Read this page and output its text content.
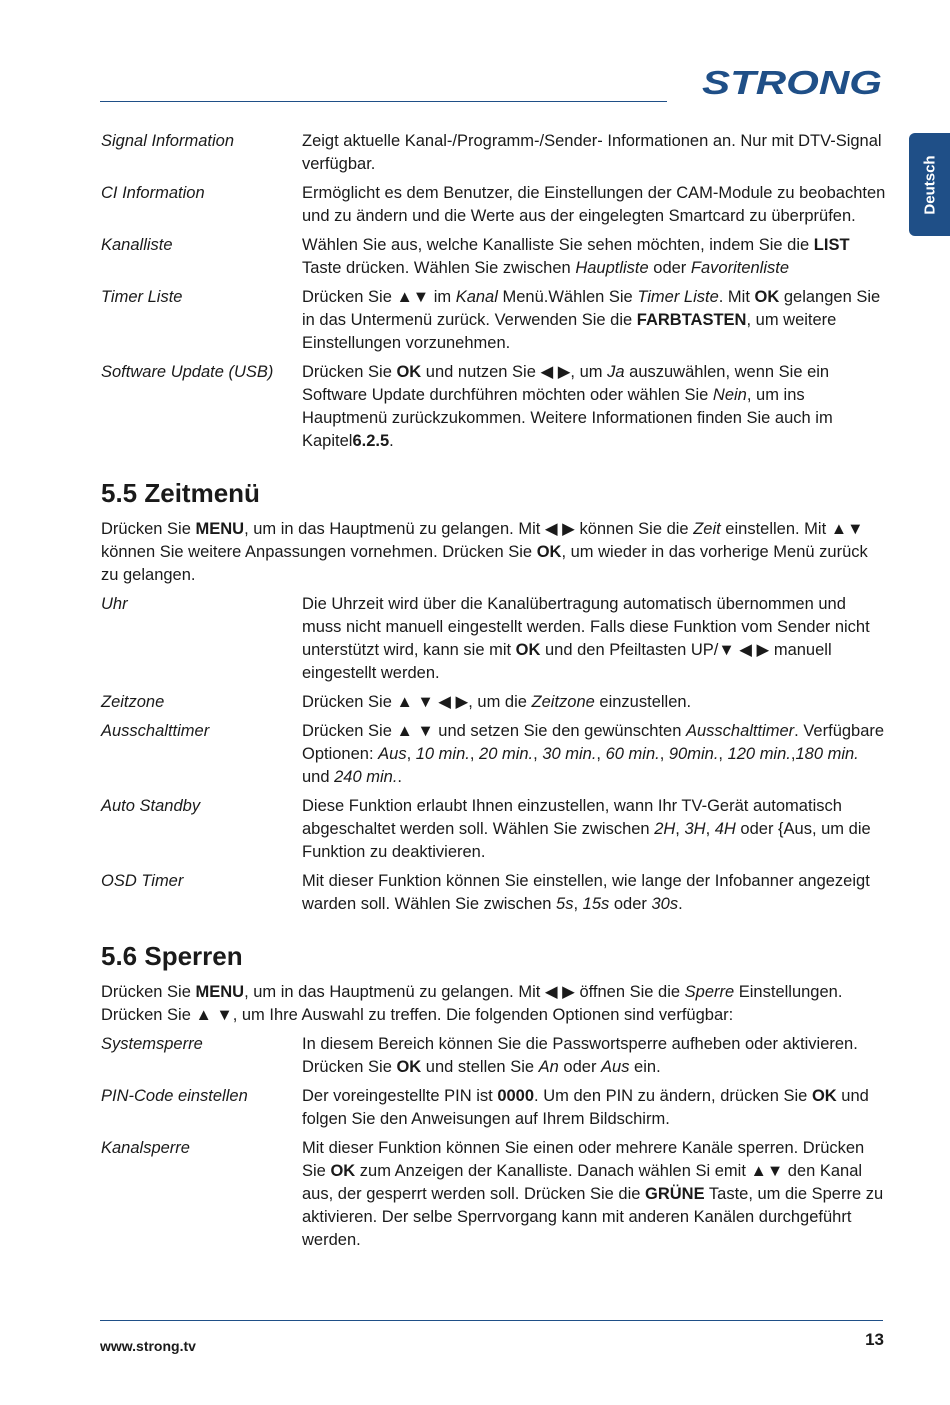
STRONG
Deutsch
Signal Information	Zeigt aktuelle Kanal-/Programm-/Sender- Informationen an. Nur mit DTV-Signal verfügbar.
CI Information	Ermöglicht es dem Benutzer, die Einstellungen der CAM-Module zu beobachten und zu ändern und die Werte aus der eingelegten Smartcard zu überprüfen.
Kanalliste	Wählen Sie aus, welche Kanalliste Sie sehen möchten, indem Sie die LIST Taste drücken. Wählen Sie zwischen Hauptliste oder Favoritenliste
Timer Liste	Drücken Sie ▲▼ im Kanal Menü.Wählen Sie Timer Liste. Mit OK gelangen Sie in das Untermenü zurück. Verwenden Sie die FARBTASTEN, um weitere Einstellungen vorzunehmen.
Software Update (USB)	Drücken Sie OK und nutzen Sie ◀ ▶, um Ja auszuwählen, wenn Sie ein Software Update durchführen möchten oder wählen Sie Nein, um ins Hauptmenü zurückzukommen. Weitere Informationen finden Sie auch im Kapitel6.2.5.
5.5 Zeitmenü

Drücken Sie MENU, um in das Hauptmenü zu gelangen. Mit ◀ ▶ können Sie die Zeit einstellen. Mit ▲▼ können Sie weitere Anpassungen vornehmen. Drücken Sie OK, um wieder in das vorherige Menü zurück zu gelangen.

Uhr	Die Uhrzeit wird über die Kanalübertragung automatisch übernommen und muss nicht manuell eingestellt werden. Falls diese Funktion vom Sender nicht unterstützt wird, kann sie mit OK und den Pfeiltasten UP/▼ ◀ ▶ manuell eingestellt werden.
Zeitzone	Drücken Sie ▲ ▼ ◀ ▶, um die Zeitzone einzustellen.
Ausschalttimer	Drücken Sie ▲ ▼ und setzen Sie den gewünschten Ausschalttimer. Verfügbare Optionen: Aus, 10 min., 20 min., 30 min., 60 min., 90min., 120 min.,180 min. und 240 min..
Auto Standby	Diese Funktion erlaubt Ihnen einzustellen, wann Ihr TV-Gerät automatisch abgeschaltet werden soll. Wählen Sie zwischen 2H, 3H, 4H oder {Aus, um die Funktion zu deaktivieren.
OSD Timer	Mit dieser Funktion können Sie einstellen, wie lange der Infobanner angezeigt warden soll. Wählen Sie zwischen 5s, 15s oder 30s.
5.6 Sperren

Drücken Sie MENU, um in das Hauptmenü zu gelangen. Mit ◀ ▶ öffnen Sie die Sperre Einstellungen. Drücken Sie ▲ ▼, um Ihre Auswahl zu treffen. Die folgenden Optionen sind verfügbar:

Systemsperre	In diesem Bereich können Sie die Passwortsperre aufheben oder aktivieren. Drücken Sie OK und stellen Sie An oder Aus ein.
PIN-Code einstellen	Der voreingestellte PIN ist 0000. Um den PIN zu ändern, drücken Sie OK und folgen Sie den Anweisungen auf Ihrem Bildschirm.
Kanalsperre	Mit dieser Funktion können Sie einen oder mehrere Kanäle sperren. Drücken Sie OK zum Anzeigen der Kanalliste. Danach wählen Si emit ▲▼ den Kanal aus, der gesperrt werden soll. Drücken Sie die GRÜNE Taste, um die Sperre zu aktivieren. Der selbe Sperrvorgang kann mit anderen Kanälen durchgeführt werden.
www.strong.tv	13
